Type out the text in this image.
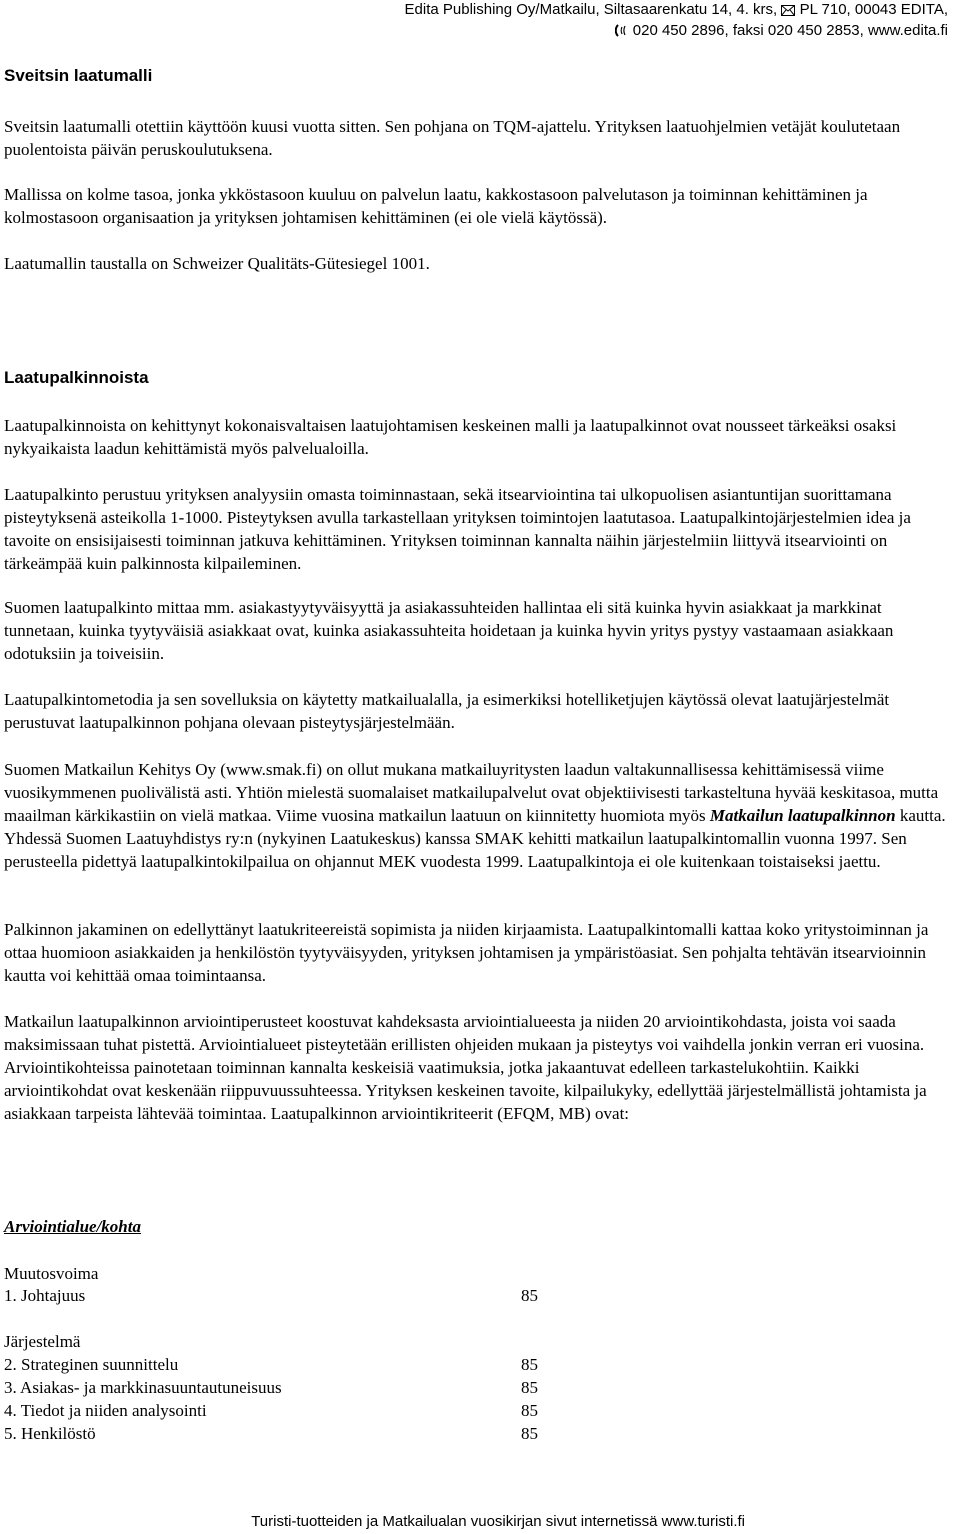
Edita Publishing Oy/Matkailu, Siltasaarenkatu 14, 4. krs,  PL 710, 00043 EDITA,
020 450 2896, faksi 020 450 2853, www.edita.fi
Sveitsin laatumalli
Sveitsin laatumalli otettiin käyttöön kuusi vuotta sitten. Sen pohjana on TQM-ajattelu. Yrityksen laatuohjelmien vetäjät koulutetaan puolentoista päivän peruskoulutuksena.
Mallissa on kolme tasoa, jonka ykköstasoon kuuluu on palvelun laatu, kakkostasoon palvelutason ja toiminnan kehittäminen ja kolmostasoon organisaation ja yrityksen johtamisen kehittäminen (ei ole vielä käytössä).
Laatumallin taustalla on Schweizer Qualitäts-Gütesiegel 1001.
Laatupalkinnoista
Laatupalkinnoista on kehittynyt kokonaisvaltaisen laatujohtamisen keskeinen malli ja laatupalkinnot ovat nousseet tärkeäksi osaksi nykyaikaista laadun kehittämistä myös palvelualoilla.
Laatupalkinto perustuu yrityksen analyysiin omasta toiminnastaan, sekä itsearviointina tai ulkopuolisen asiantuntijan suorittamana pisteytyksenä asteikolla 1-1000. Pisteytyksen avulla tarkastellaan yrityksen toimintojen laatutasoa. Laatupalkintojärjestelmien idea ja tavoite on ensisijaisesti toiminnan jatkuva kehittäminen. Yrityksen toiminnan kannalta näihin järjestelmiin liittyvä itsearviointi on tärkeämpää kuin palkinnosta kilpaileminen.
Suomen laatupalkinto mittaa mm. asiakastyytyväisyyttä ja asiakassuhteiden hallintaa eli sitä kuinka hyvin asiakkaat ja markkinat tunnetaan, kuinka tyytyväisiä asiakkaat ovat, kuinka asiakassuhteita hoidetaan ja kuinka hyvin yritys pystyy vastaamaan asiakkaan odotuksiin ja toiveisiin.
Laatupalkintometodia ja sen sovelluksia on käytetty matkailualalla, ja esimerkiksi hotelliketjujen käytössä olevat laatujärjestelmät perustuvat laatupalkinnon pohjana olevaan pisteytysjärjestelmään.
Suomen Matkailun Kehitys Oy (www.smak.fi) on ollut mukana matkailuyritysten laadun valtakunnallisessa kehittämisessä viime vuosikymmenen puolivälistä asti. Yhtiön mielestä suomalaiset matkailupalvelut ovat objektiivisesti tarkasteltuna hyvää keskitasoa, mutta maailman kärkikastiin on vielä matkaa. Viime vuosina matkailun laatuun on kiinnitetty huomiota myös Matkailun laatupalkinnon kautta. Yhdessä Suomen Laatuyhdistys ry:n (nykyinen Laatukeskus) kanssa SMAK kehitti matkailun laatupalkintomallin vuonna 1997. Sen perusteella pidettyä laatupalkintokilpailua on ohjannut MEK vuodesta 1999. Laatupalkintoja ei ole kuitenkaan toistaiseksi jaettu.
Palkinnon jakaminen on edellyttänyt laatukriteereistä sopimista ja niiden kirjaamista. Laatupalkintomalli kattaa koko yritystoiminnan ja ottaa huomioon asiakkaiden ja henkilöstön tyytyväisyyden, yrityksen johtamisen ja ympäristöasiat. Sen pohjalta tehtävän itsearvioinnin kautta voi kehittää omaa toimintaansa.
Matkailun laatupalkinnon arviointiperusteet koostuvat kahdeksasta arviointialueesta ja niiden 20 arviointikohdasta, joista voi saada maksimissaan tuhat pistettä. Arviointialueet pisteytetään erillisten ohjeiden mukaan ja pisteytys voi vaihdella jonkin verran eri vuosina. Arviointikohteissa painotetaan toiminnan kannalta keskeisiä vaatimuksia, jotka jakaantuvat edelleen tarkastelukohtiin. Kaikki arviointikohdat ovat keskenään riippuvuussuhteessa. Yrityksen keskeinen tavoite, kilpailukyky, edellyttää järjestelmällistä johtamista ja asiakkaan tarpeista lähtevää toimintaa. Laatupalkinnon arviointikriteerit (EFQM, MB) ovat:
Arviointialue/kohta
Muutosvoima
1. Johtajuus	85
Järjestelmä
2. Strateginen suunnittelu	85
3. Asiakas- ja markkinasuuntautuneisuus	85
4. Tiedot ja niiden analysointi	85
5. Henkilöstö	85
Turisti-tuotteiden ja Matkailualan vuosikirjan sivut internetissä www.turisti.fi
